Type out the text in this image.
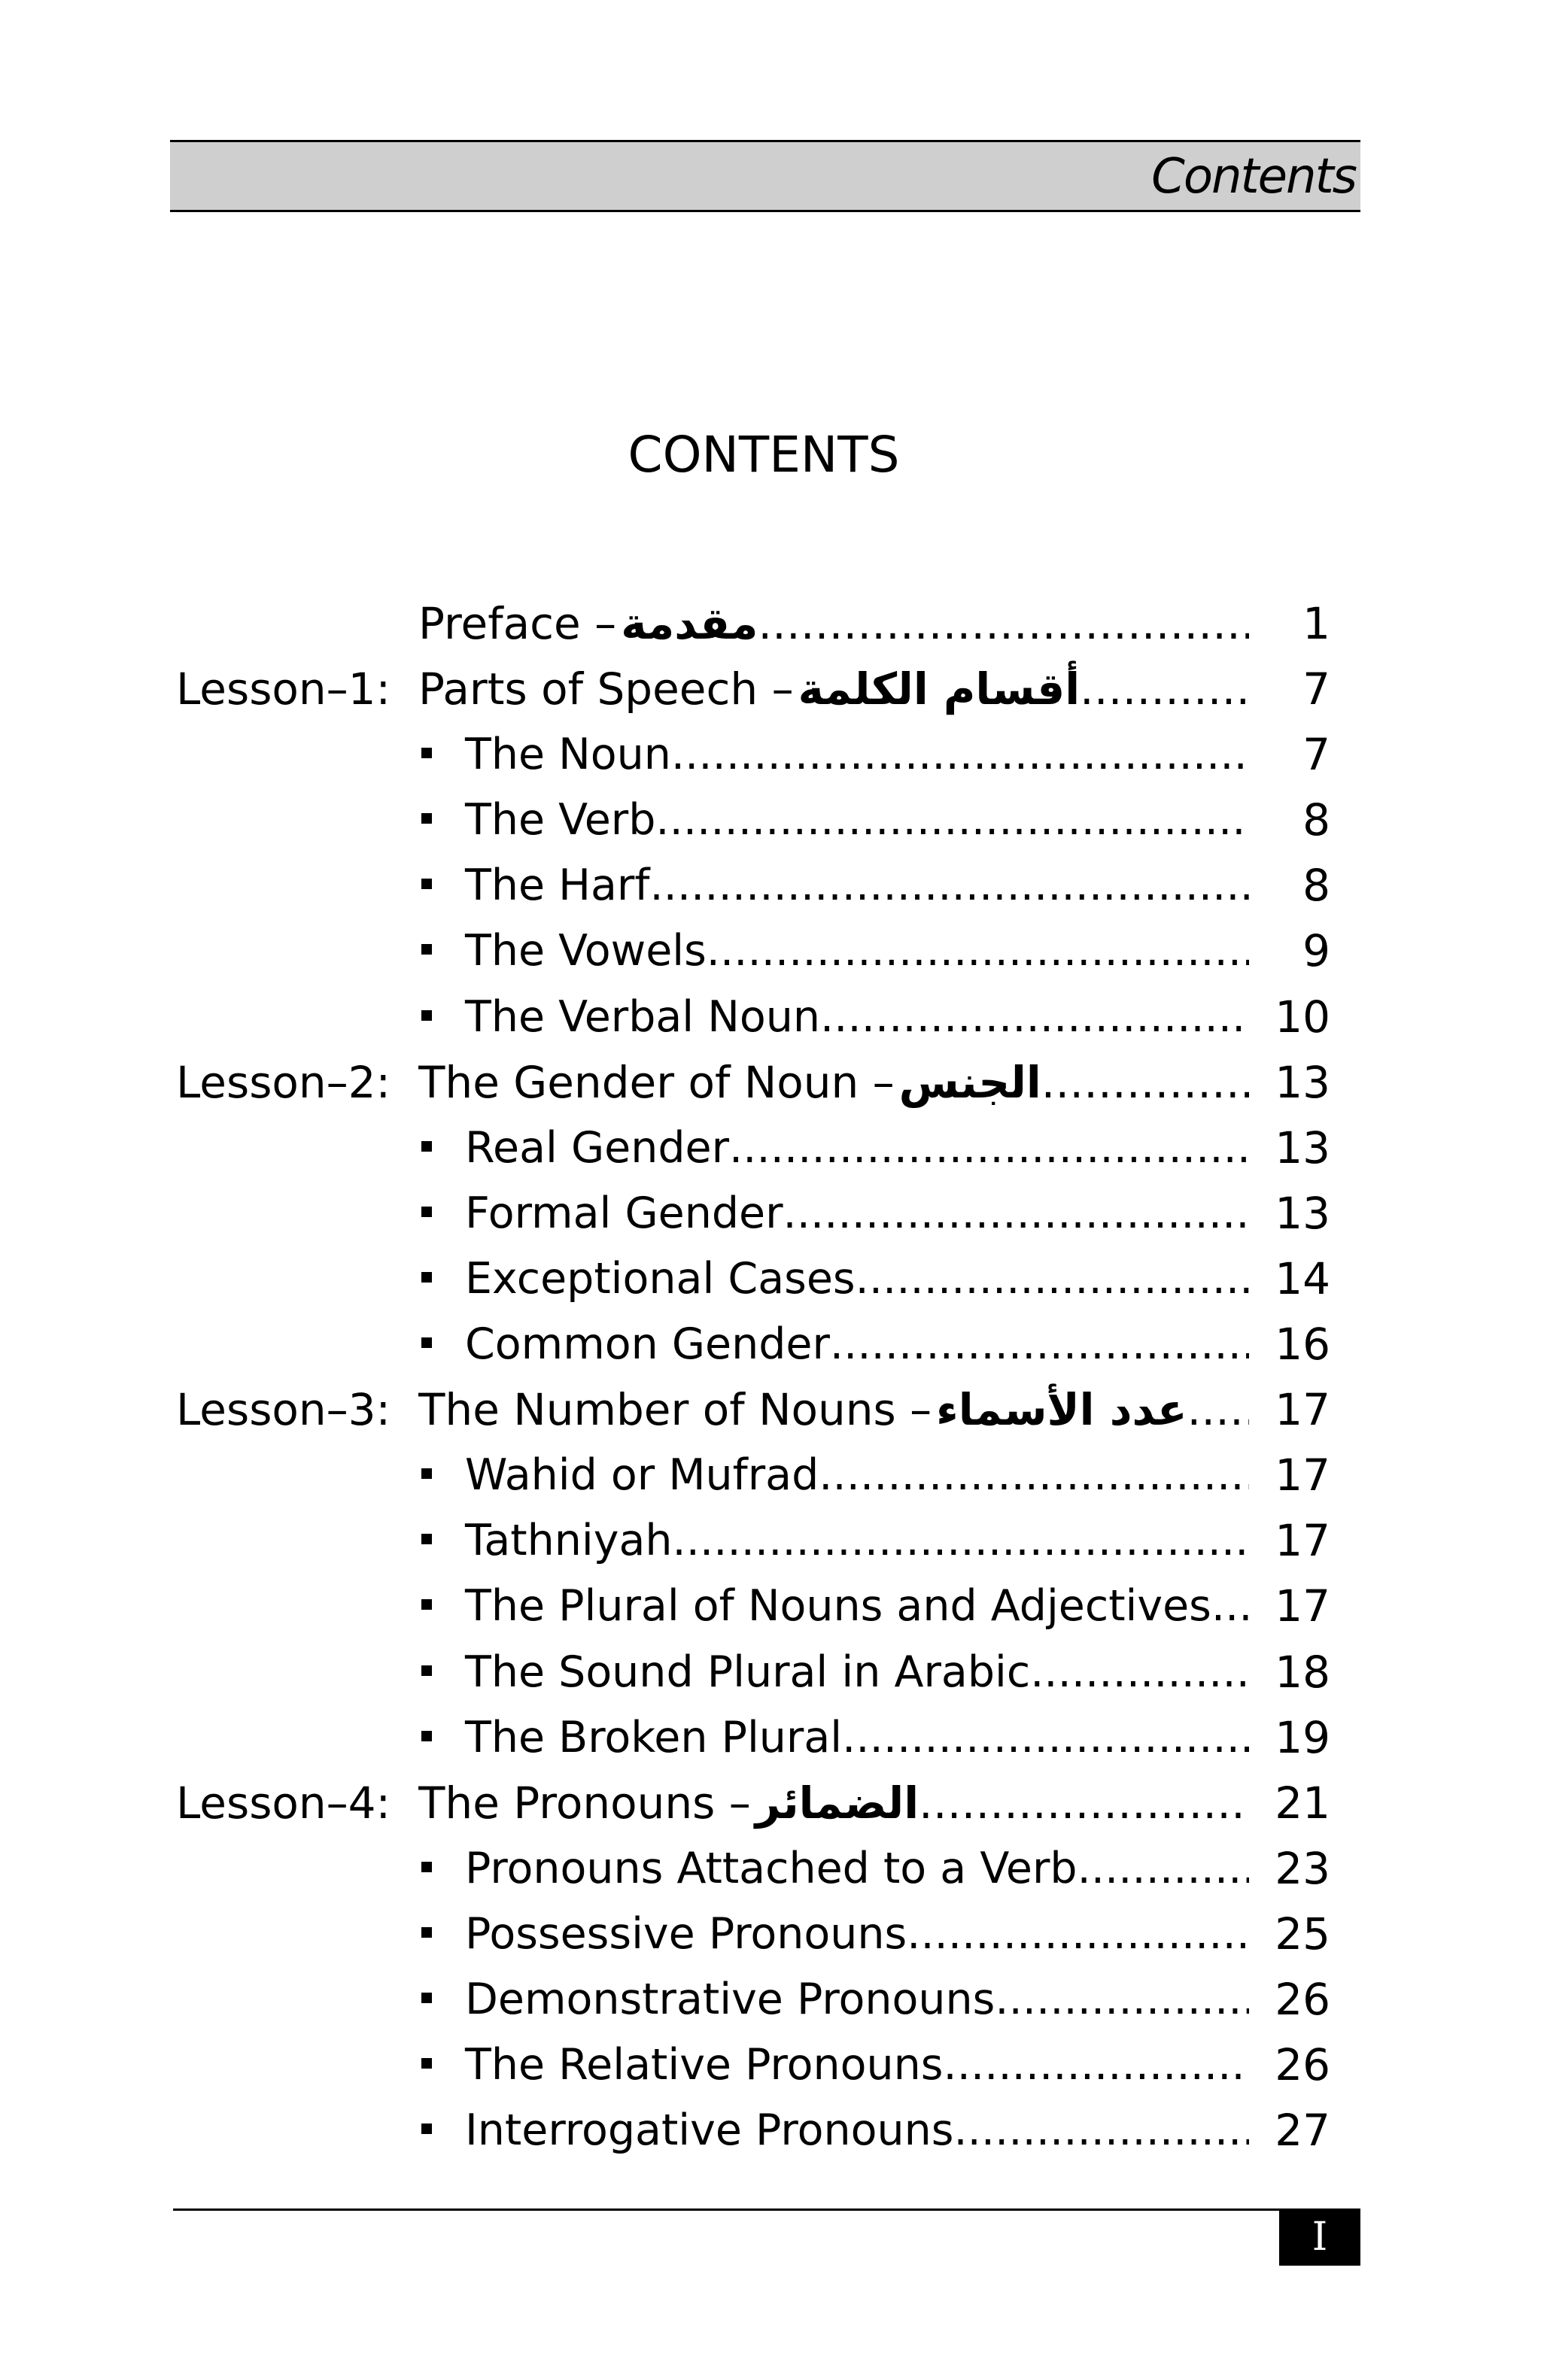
Contents
CONTENTS
Preface – مقدمة . . .	1
Lesson–1: Parts of Speech – أقسام الكلمة . . .	7
The Noun . . .	7
The Verb . . .	8
The Harf . . .	8
The Vowels . . .	9
The Verbal Noun . . .	10
Lesson–2: The Gender of Noun – الجنس . . .	13
Real Gender . . .	13
Formal Gender . . .	13
Exceptional Cases . . .	14
Common Gender . . .	16
Lesson–3: The Number of Nouns – عدد الأسماء . . . 17
Wahid or Mufrad . . .	17
Tathniyah . . .	17
The Plural of Nouns and Adjectives . . . 17
The Sound Plural in Arabic . . .	18
The Broken Plural . . .	19
Lesson–4: The Pronouns – الضمائر . . .	21
Pronouns Attached to a Verb . . .	23
Possessive Pronouns . . .	25
Demonstrative Pronouns . . .	26
The Relative Pronouns . . .	26
Interrogative Pronouns . . .	27
I
